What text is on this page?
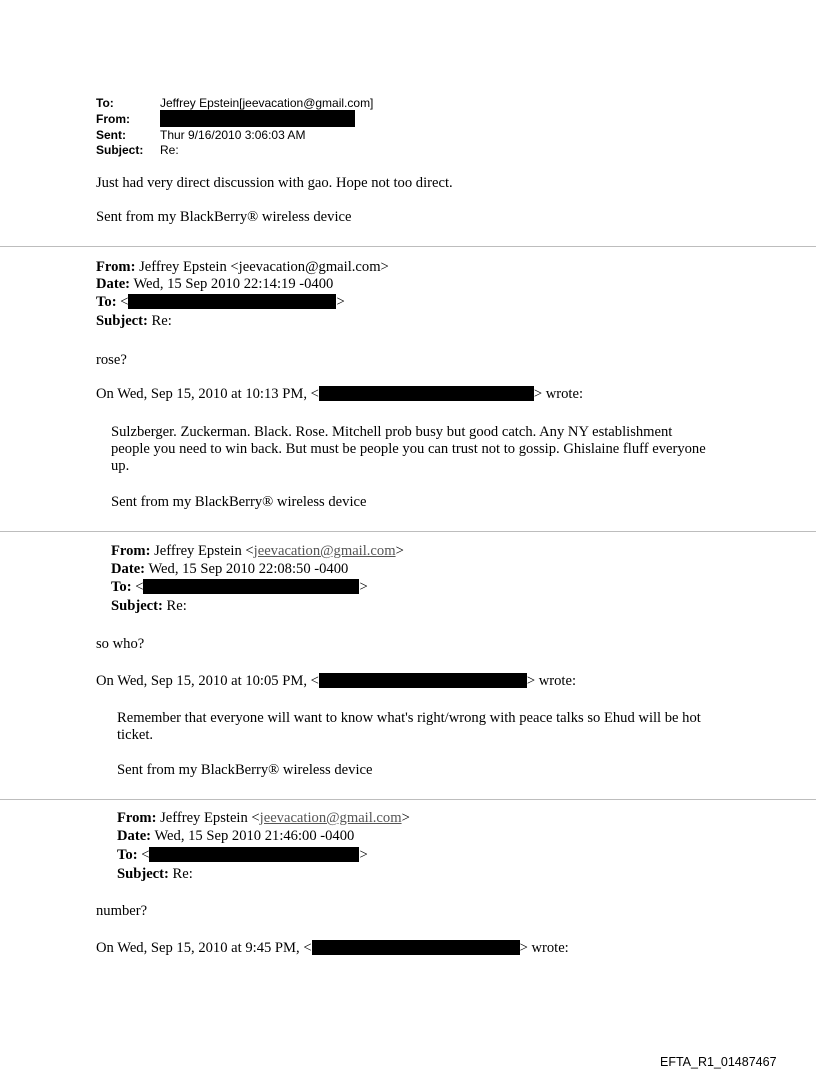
To:	Jeffrey Epstein[jeevacation@gmail.com]
From:
Sent:	Thur 9/16/2010 3:06:03 AM
Subject: Re:
Just had very direct discussion with gao. Hope not too direct.
Sent from my BlackBerry® wireless device
From: Jeffrey Epstein <jeevacation@gmail.com>
Date: Wed, 15 Sep 2010 22:14:19 -0400
To: <	>
Subject: Re:
rose?
On Wed, Sep 15, 2010 at 10:13 PM, <	> wrote:
Sulzberger. Zuckerman. Black. Rose. Mitchell prob busy but good catch. Any NY establishment people you need to win back. But must be people you can trust not to gossip. Ghislaine fluff everyone up.
Sent from my BlackBerry® wireless device
From: Jeffrey Epstein <jeevacation@gmail.com>
Date: Wed, 15 Sep 2010 22:08:50 -0400
To: <	>
Subject: Re:
so who?
On Wed, Sep 15, 2010 at 10:05 PM, <	> wrote:
Remember that everyone will want to know what's right/wrong with peace talks so Ehud will be hot ticket.
Sent from my BlackBerry® wireless device
From: Jeffrey Epstein <jeevacation@gmail.com>
Date: Wed, 15 Sep 2010 21:46:00 -0400
To: <	>
Subject: Re:
number?
On Wed, Sep 15, 2010 at 9:45 PM, <	> wrote:
EFTA_R1_01487467
